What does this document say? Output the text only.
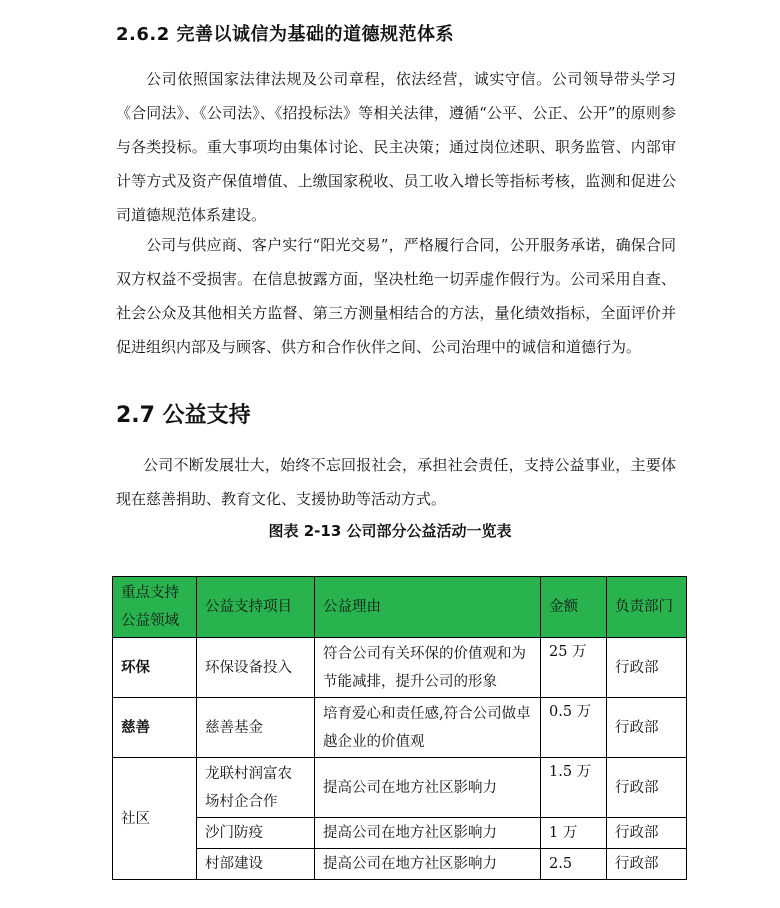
2.6.2 完善以诚信为基础的道德规范体系

公司依照国家法律法规及公司章程，依法经营，诚实守信。公司领导带头学习《合同法》、《公司法》、《招投标法》等相关法律，遵循“公平、公正、公开”的原则参与各类投标。重大事项均由集体讨论、民主决策；通过岗位述职、职务监管、内部审计等方式及资产保值增值、上缴国家税收、员工收入增长等指标考核，监测和促进公司道德规范体系建设。

公司与供应商、客户实行“阳光交易”，严格履行合同，公开服务承诺，确保合同双方权益不受损害。在信息披露方面，坚决杜绝一切弄虚作假行为。公司采用自查、社会公众及其他相关方监督、第三方测量相结合的方法，量化绩效指标，全面评价并促进组织内部及与顾客、供方和合作伙伴之间、公司治理中的诚信和道德行为。

2.7 公益支持

公司不断发展壮大，始终不忘回报社会，承担社会责任，支持公益事业，主要体现在慈善捐助、教育文化、支援协助等活动方式。

图表 2-13 公司部分公益活动一览表

重点支持公益领域	公益支持项目	公益理由	金额	负责部门
环保	环保设备投入	符合公司有关环保的价值观和为节能减排，提升公司的形象	25 万	行政部
慈善	慈善基金	培育爱心和责任感,符合公司做卓越企业的价值观	0.5 万	行政部
社区	龙联村润富农场村企合作	提高公司在地方社区影响力	1.5 万	行政部
	沙门防疫	提高公司在地方社区影响力	1 万	行政部
	村部建设	提高公司在地方社区影响力	2.5	行政部
